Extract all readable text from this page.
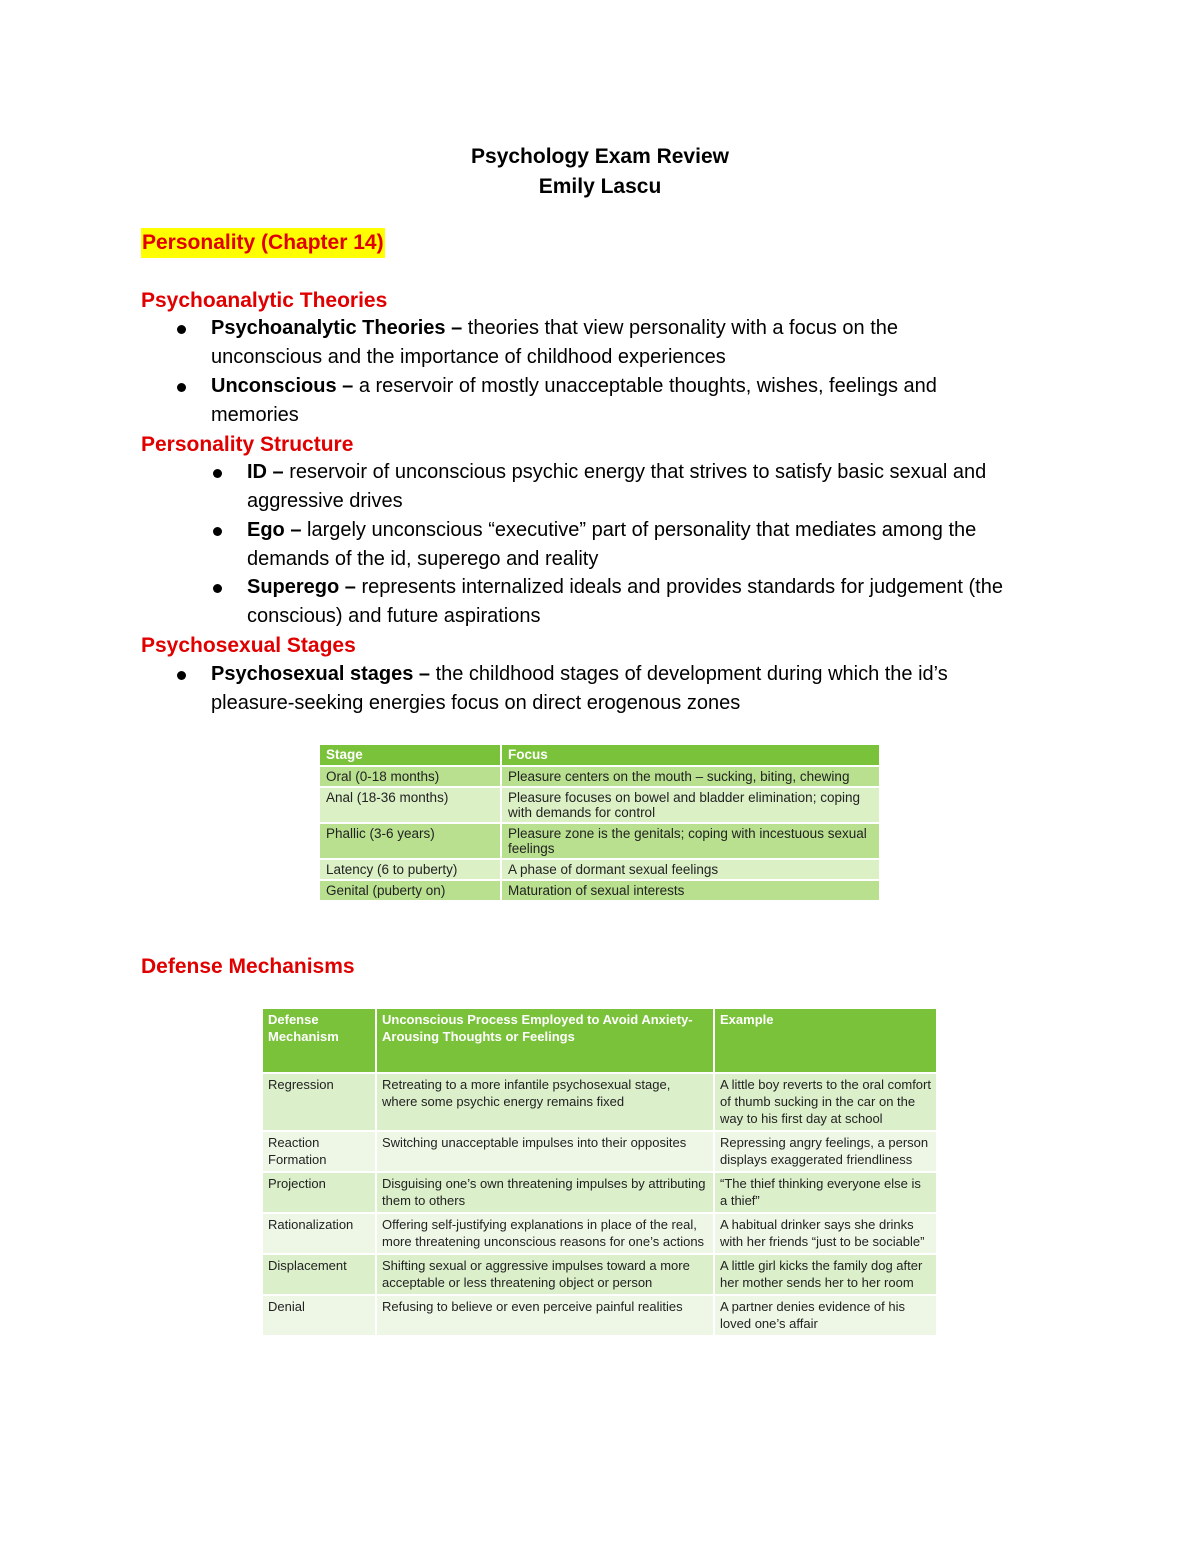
Psychology Exam Review
Emily Lascu
Personality (Chapter 14)
Psychoanalytic Theories
Psychoanalytic Theories – theories that view personality with a focus on the
unconscious and the importance of childhood experiences
Unconscious – a reservoir of mostly unacceptable thoughts, wishes, feelings and
memories
Personality Structure
ID – reservoir of unconscious psychic energy that strives to satisfy basic sexual and
aggressive drives
Ego – largely unconscious “executive” part of personality that mediates among the
demands of the id, superego and reality
Superego – represents internalized ideals and provides standards for judgement (the
conscious) and future aspirations
Psychosexual Stages
Psychosexual stages – the childhood stages of development during which the id’s
pleasure-seeking energies focus on direct erogenous zones
Stage	Focus
Oral (0-18 months)	Pleasure centers on the mouth – sucking, biting, chewing
Anal (18-36 months)	Pleasure focuses on bowel and bladder elimination; coping with demands for control
Phallic (3-6 years)	Pleasure zone is the genitals; coping with incestuous sexual feelings
Latency (6 to puberty)	A phase of dormant sexual feelings
Genital (puberty on)	Maturation of sexual interests
Defense Mechanisms
Defense Mechanism	Unconscious Process Employed to Avoid Anxiety-Arousing Thoughts or Feelings	Example
Regression	Retreating to a more infantile psychosexual stage, where some psychic energy remains fixed	A little boy reverts to the oral comfort of thumb sucking in the car on the way to his first day at school
Reaction Formation	Switching unacceptable impulses into their opposites	Repressing angry feelings, a person displays exaggerated friendliness
Projection	Disguising one’s own threatening impulses by attributing them to others	“The thief thinking everyone else is a thief”
Rationalization	Offering self-justifying explanations in place of the real, more threatening unconscious reasons for one’s actions	A habitual drinker says she drinks with her friends “just to be sociable”
Displacement	Shifting sexual or aggressive impulses toward a more acceptable or less threatening object or person	A little girl kicks the family dog after her mother sends her to her room
Denial	Refusing to believe or even perceive painful realities	A partner denies evidence of his loved one’s affair
